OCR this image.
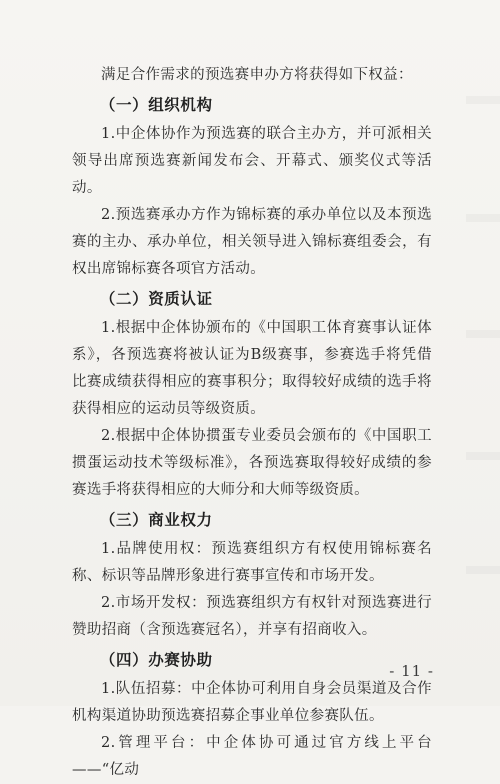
满足合作需求的预选赛申办方将获得如下权益：

（一）组织机构

1.中企体协作为预选赛的联合主办方，并可派相关领导出席预选赛新闻发布会、开幕式、颁奖仪式等活动。

2.预选赛承办方作为锦标赛的承办单位以及本预选赛的主办、承办单位，相关领导进入锦标赛组委会，有权出席锦标赛各项官方活动。

（二）资质认证

1.根据中企体协颁布的《中国职工体育赛事认证体系》，各预选赛将被认证为B级赛事，参赛选手将凭借比赛成绩获得相应的赛事积分；取得较好成绩的选手将获得相应的运动员等级资质。

2.根据中企体协掼蛋专业委员会颁布的《中国职工掼蛋运动技术等级标准》，各预选赛取得较好成绩的参赛选手将获得相应的大师分和大师等级资质。

（三）商业权力

1.品牌使用权：预选赛组织方有权使用锦标赛名称、标识等品牌形象进行赛事宣传和市场开发。

2.市场开发权：预选赛组织方有权针对预选赛进行赞助招商（含预选赛冠名），并享有招商收入。

（四）办赛协助

1.队伍招募：中企体协可利用自身会员渠道及合作机构渠道协助预选赛招募企事业单位参赛队伍。

2.管理平台：中企体协可通过官方线上平台——“亿动

- 11 -
